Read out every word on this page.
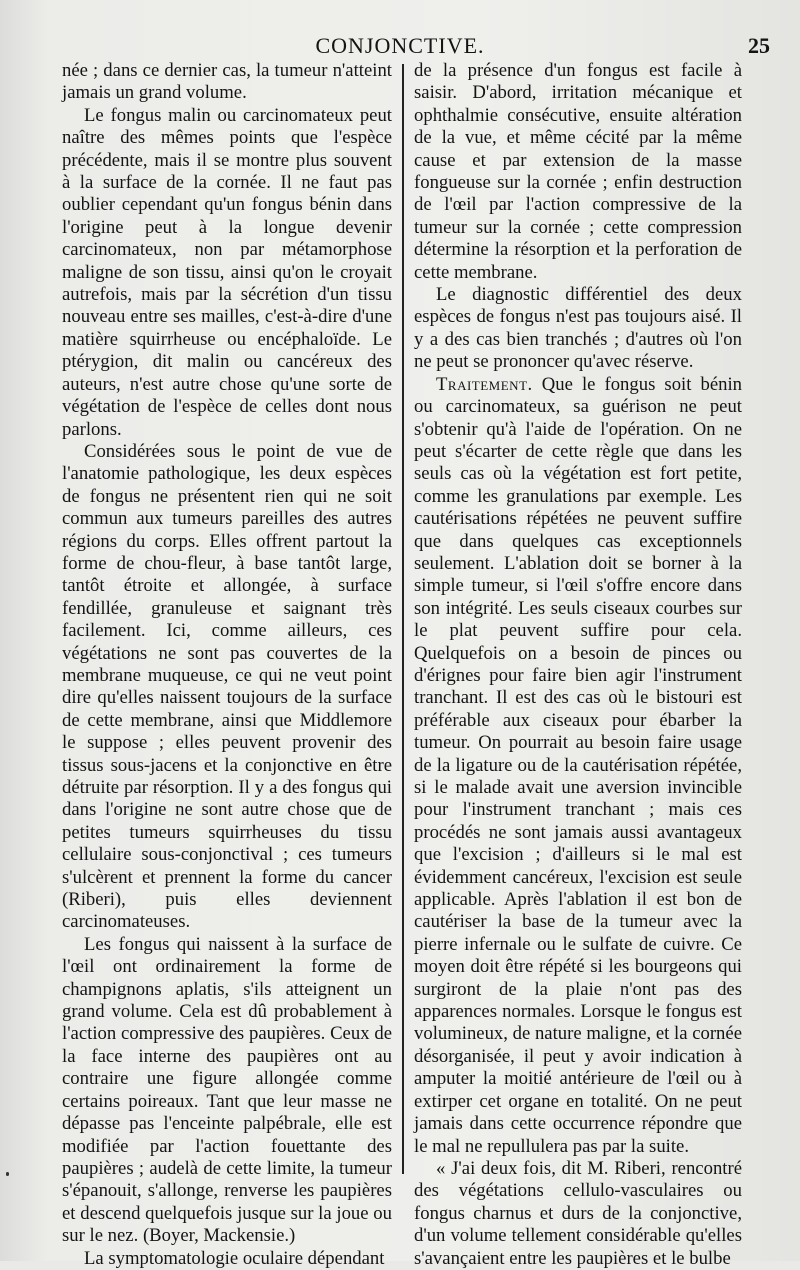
CONJONCTIVE.	25

née ; dans ce dernier cas, la tumeur n'atteint jamais un grand volume.

Le fongus malin ou carcinomateux peut naître des mêmes points que l'espèce précédente, mais il se montre plus souvent à la surface de la cornée. Il ne faut pas oublier cependant qu'un fongus bénin dans l'origine peut à la longue devenir carcinomateux, non par métamorphose maligne de son tissu, ainsi qu'on le croyait autrefois, mais par la sécrétion d'un tissu nouveau entre ses mailles, c'est-à-dire d'une matière squirrheuse ou encéphaloïde. Le ptérygion, dit malin ou cancéreux des auteurs, n'est autre chose qu'une sorte de végétation de l'espèce de celles dont nous parlons.

Considérées sous le point de vue de l'anatomie pathologique, les deux espèces de fongus ne présentent rien qui ne soit commun aux tumeurs pareilles des autres régions du corps. Elles offrent partout la forme de chou-fleur, à base tantôt large, tantôt étroite et allongée, à surface fendillée, granuleuse et saignant très facilement. Ici, comme ailleurs, ces végétations ne sont pas couvertes de la membrane muqueuse, ce qui ne veut point dire qu'elles naissent toujours de la surface de cette membrane, ainsi que Middlemore le suppose ; elles peuvent provenir des tissus sous-jacens et la conjonctive en être détruite par résorption. Il y a des fongus qui dans l'origine ne sont autre chose que de petites tumeurs squirrheuses du tissu cellulaire sous-conjonctival ; ces tumeurs s'ulcèrent et prennent la forme du cancer (Riberi), puis elles deviennent carcinomateuses.

Les fongus qui naissent à la surface de l'œil ont ordinairement la forme de champignons aplatis, s'ils atteignent un grand volume. Cela est dû probablement à l'action compressive des paupières. Ceux de la face interne des paupières ont au contraire une figure allongée comme certains poireaux. Tant que leur masse ne dépasse pas l'enceinte palpébrale, elle est modifiée par l'action fouettante des paupières ; audelà de cette limite, la tumeur s'épanouit, s'allonge, renverse les paupières et descend quelquefois jusque sur la joue ou sur le nez. (Boyer, Mackensie.)

La symptomatologie oculaire dépendant

de la présence d'un fongus est facile à saisir. D'abord, irritation mécanique et ophthalmie consécutive, ensuite altération de la vue, et même cécité par la même cause et par extension de la masse fongueuse sur la cornée ; enfin destruction de l'œil par l'action compressive de la tumeur sur la cornée ; cette compression détermine la résorption et la perforation de cette membrane.

Le diagnostic différentiel des deux espèces de fongus n'est pas toujours aisé. Il y a des cas bien tranchés ; d'autres où l'on ne peut se prononcer qu'avec réserve.

Traitement. Que le fongus soit bénin ou carcinomateux, sa guérison ne peut s'obtenir qu'à l'aide de l'opération. On ne peut s'écarter de cette règle que dans les seuls cas où la végétation est fort petite, comme les granulations par exemple. Les cautérisations répétées ne peuvent suffire que dans quelques cas exceptionnels seulement. L'ablation doit se borner à la simple tumeur, si l'œil s'offre encore dans son intégrité. Les seuls ciseaux courbes sur le plat peuvent suffire pour cela. Quelquefois on a besoin de pinces ou d'érignes pour faire bien agir l'instrument tranchant. Il est des cas où le bistouri est préférable aux ciseaux pour ébarber la tumeur. On pourrait au besoin faire usage de la ligature ou de la cautérisation répétée, si le malade avait une aversion invincible pour l'instrument tranchant ; mais ces procédés ne sont jamais aussi avantageux que l'excision ; d'ailleurs si le mal est évidemment cancéreux, l'excision est seule applicable. Après l'ablation il est bon de cautériser la base de la tumeur avec la pierre infernale ou le sulfate de cuivre. Ce moyen doit être répété si les bourgeons qui surgiront de la plaie n'ont pas des apparences normales. Lorsque le fongus est volumineux, de nature maligne, et la cornée désorganisée, il peut y avoir indication à amputer la moitié antérieure de l'œil ou à extirper cet organe en totalité. On ne peut jamais dans cette occurrence répondre que le mal ne repullulera pas par la suite.

« J'ai deux fois, dit M. Riberi, rencontré des végétations cellulo-vasculaires ou fongus charnus et durs de la conjonctive, d'un volume tellement considérable qu'elles s'avançaient entre les paupières et le bulbe
